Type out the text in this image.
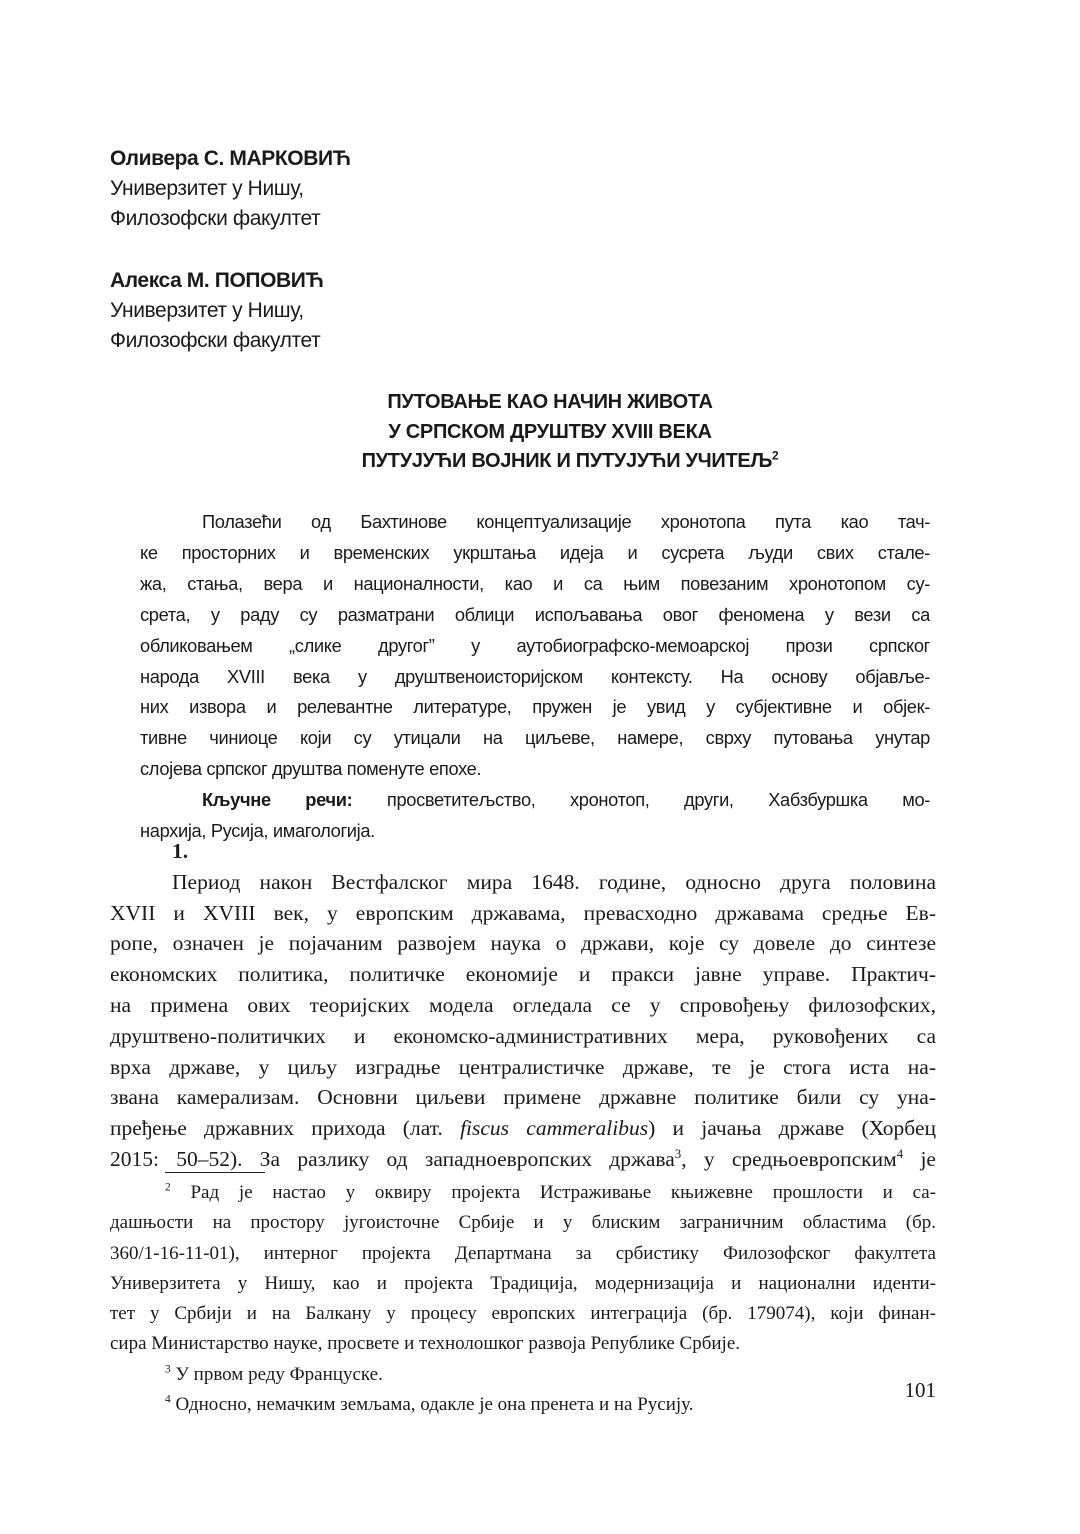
Оливера С. МАРКОВИЋ
Универзитет у Нишу,
Филозофски факултет
Алекса М. ПОПОВИЋ
Универзитет у Нишу,
Филозофски факултет
ПУТОВАЊЕ КАО НАЧИН ЖИВОТА
У СРПСКОМ ДРУШТВУ XVIII ВЕКА
ПУТУЈУЋИ ВОЈНИК И ПУТУЈУЋИ УЧИТЕЉ$^2$
Полазећи од Бахтинове концептуализације хронотопа пута као тач-
ке просторних и временских укрштања идеја и сусрета људи свих стале-
жа, стања, вера и националности, као и са њим повезаним хронотопом су-
срета, у раду су разматрани облици испољавања овог феномена у вези са
обликовањем „слике другог” у аутобиографско-мемоарској прози српског
народа XVIII века у друштвеноисторијском контексту. На основу објављe-
них извора и релевантне литературе, пружен је увид у субјективне и објек-
тивне чиниоце који су утицали на циљеве, намере, сврху путовања унутар
слојева српског друштва поменуте епохе.
Кључне речи: просветитељство, хронотоп, други, Хабзбуршка мо-
нархија, Русија, имагологија.
1.
Период након Вестфалског мира 1648. године, односно друга половина
XVII и XVIII век, у европским државама, превасходно државама средње Ев-
ропе, означен је појачаним развојем наука о држави, које су довеле до синтезе
економских политика, политичке економије и пракси јавне управе. Практич-
на примена ових теоријских модела огледала се у спровођењу филозофских,
друштвено-политичких и економско-административних мера, руковођених са
врха државе, у циљу изградње централистичке државе, те је стога иста на-
звана камерализам. Основни циљеви примене државне политике били су уна-
пређење државних прихода (лат. fiscus cammeralibus) и јачања државе (Хорбец
2015: 50–52). За разлику од западноевропских држава$^3$, у средњоевропским$^4$ је
$^2$ Рад је настао у оквиру пројекта Истраживање књижевне прошлости и са-
дашњости на простору југоисточне Србије и у блиским заграничним областима (бр.
360/1-16-11-01), интерног пројекта Департмана за србистику Филозофског факултета
Универзитета у Нишу, као и пројекта Традиција, модернизација и национални иденти-
тет у Србији и на Балкану у процесу европских интеграција (бр. 179074), који финан-
сира Министарство науке, просвете и технолошког развоја Републике Србије.
$^3$ У првом реду Француске.
$^4$ Односно, немачким земљама, одакле је она пренета и на Русију.
101
